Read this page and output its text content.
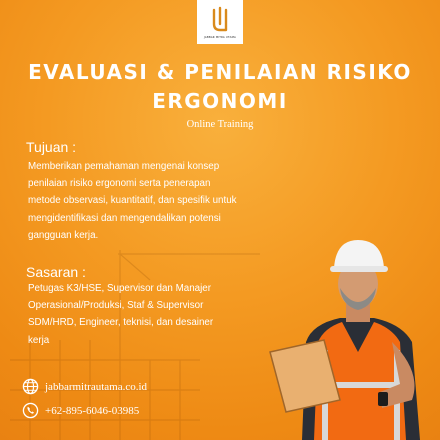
JABBAR MITRA UTAMA
EVALUASI & PENILAIAN RISIKO
ERGONOMI
Online Training
Tujuan :
Memberikan pemahaman mengenai konsep
penilaian risiko ergonomi serta penerapan
metode observasi, kuantitatif, dan spesifik untuk
mengidentifikasi dan mengendalikan potensi
gangguan kerja.
Sasaran :
Petugas K3/HSE, Supervisor dan Manajer
Operasional/Produksi, Staf & Supervisor
SDM/HRD, Engineer, teknisi, dan desainer
kerja
jabbarmitrautama.co.id
+62-895-6046-03985
